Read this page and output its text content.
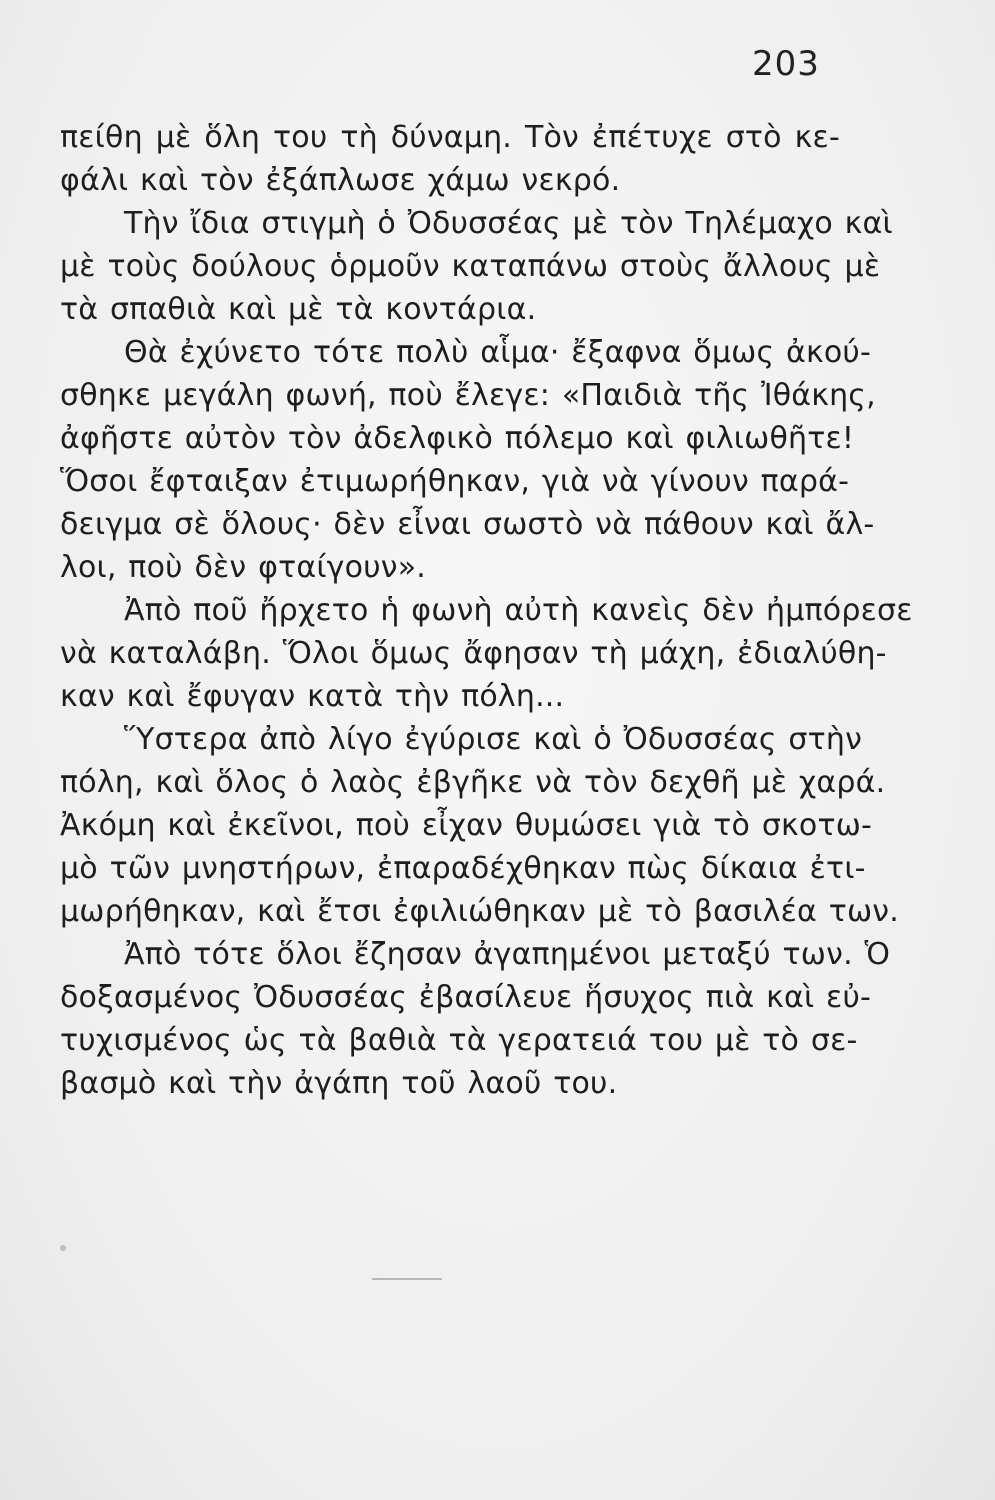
203
πείθη μὲ ὅλη του τὴ δύναμη. Τὸν ἐπέτυχε στὸ κε-
φάλι καὶ τὸν ἐξάπλωσε χάμω νεκρό.
Τὴν ἴδια στιγμὴ ὁ Ὀδυσσέας μὲ τὸν Τηλέμαχο καὶ
μὲ τοὺς δούλους ὁρμοῦν καταπάνω στοὺς ἄλλους μὲ
τὰ σπαθιὰ καὶ μὲ τὰ κοντάρια.
Θὰ ἐχύνετο τότε πολὺ αἷμα· ἔξαφνα ὅμως ἀκού-
σθηκε μεγάλη φωνή, ποὺ ἔλεγε: «Παιδιὰ τῆς Ἰθάκης,
ἀφῆστε αὐτὸν τὸν ἀδελφικὸ πόλεμο καὶ φιλιωθῆτε!
Ὅσοι ἔφταιξαν ἐτιμωρήθηκαν, γιὰ νὰ γίνουν παρά-
δειγμα σὲ ὅλους· δὲν εἶναι σωστὸ νὰ πάθουν καὶ ἄλ-
λοι, ποὺ δὲν φταίγουν».
Ἀπὸ ποῦ ἤρχετο ἡ φωνὴ αὐτὴ κανεὶς δὲν ἠμπόρεσε
νὰ καταλάβη. Ὅλοι ὅμως ἄφησαν τὴ μάχη, ἐδιαλύθη-
καν καὶ ἔφυγαν κατὰ τὴν πόλη...
Ὕστερα ἀπὸ λίγο ἐγύρισε καὶ ὁ Ὀδυσσέας στὴν
πόλη, καὶ ὅλος ὁ λαὸς ἐβγῆκε νὰ τὸν δεχθῆ μὲ χαρά.
Ἀκόμη καὶ ἐκεῖνοι, ποὺ εἶχαν θυμώσει γιὰ τὸ σκοτω-
μὸ τῶν μνηστήρων, ἐπαραδέχθηκαν πὼς δίκαια ἐτι-
μωρήθηκαν, καὶ ἔτσι ἐφιλιώθηκαν μὲ τὸ βασιλέα των.
Ἀπὸ τότε ὅλοι ἔζησαν ἀγαπημένοι μεταξύ των. Ὁ
δοξασμένος Ὀδυσσέας ἐβασίλευε ἥσυχος πιὰ καὶ εὐ-
τυχισμένος ὡς τὰ βαθιὰ τὰ γερατειά του μὲ τὸ σε-
βασμὸ καὶ τὴν ἀγάπη τοῦ λαοῦ του.
